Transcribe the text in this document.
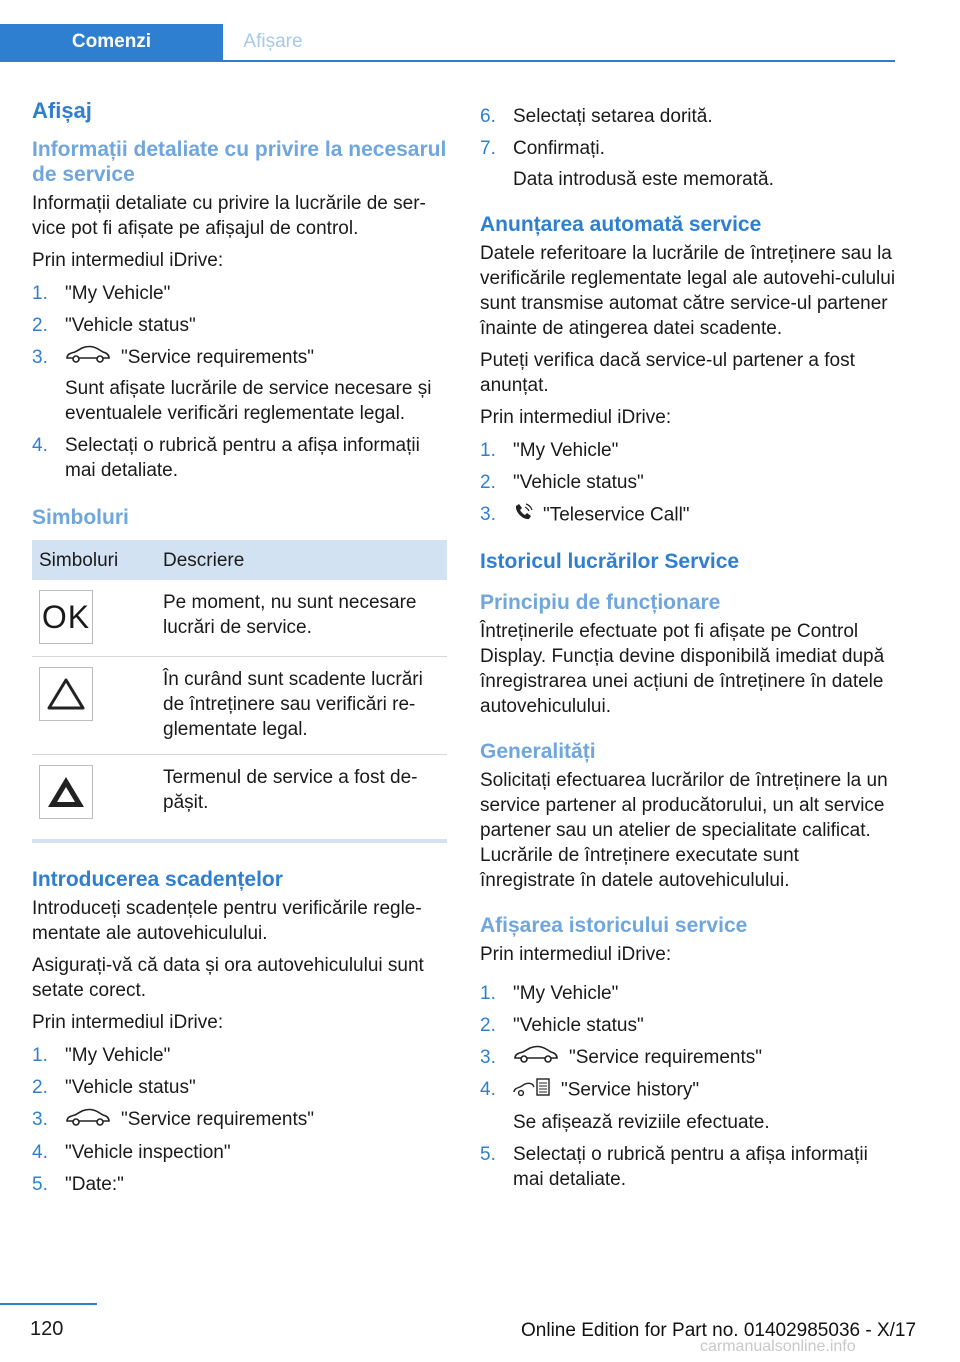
Comenzi	Afișare
Afișaj
Informații detaliate cu privire la necesarul de service

Informații detaliate cu privire la lucrările de ser‐vice pot fi afișate pe afișajul de control.

Prin intermediul iDrive:

1. "My Vehicle"
2. "Vehicle status"
3.	"Service requirements"
Sunt afișate lucrările de service necesare și eventualele verificări reglementate legal.
4. Selectați o rubrică pentru a afișa informații mai detaliate.
Simboluri
Simboluri	Descriere

OK	Pe moment, nu sunt necesare lucrări de service.

	În curând sunt scadente lucrări de întreținere sau verificări re‐glementate legal.

	Termenul de service a fost de‐pășit.
Introducerea scadențelor

Introduceți scadențele pentru verificările regle‐mentate ale autovehiculului.

Asigurați-vă că data și ora autovehiculului sunt setate corect.

Prin intermediul iDrive:

1. "My Vehicle"
2. "Vehicle status"
3.	"Service requirements"
4. "Vehicle inspection"
5. "Date:"
6. Selectați setarea dorită.
7. Confirmați.
Data introdusă este memorată.
Anunțarea automată service

Datele referitoare la lucrările de întreținere sau la verificările reglementate legal ale autovehi‐culului sunt transmise automat către service-ul partener înainte de atingerea datei scadente.

Puteți verifica dacă service-ul partener a fost anunțat.

Prin intermediul iDrive:

1. "My Vehicle"
2. "Vehicle status"
3. "Teleservice Call"
Istoricul lucrărilor Service
Principiu de funcționare

Întreținerile efectuate pot fi afișate pe Control Display. Funcția devine disponibilă imediat după înregistrarea unei acțiuni de întreținere în datele autovehiculului.

Generalități

Solicitați efectuarea lucrărilor de întreținere la un service partener al producătorului, un alt service partener sau un atelier de specialitate calificat. Lucrările de întreținere executate sunt înregistrate în datele autovehiculului.

Afișarea istoricului service

Prin intermediul iDrive:

1. "My Vehicle"
2. "Vehicle status"
3.	"Service requirements"
4.	"Service history"
Se afișează reviziile efectuate.
5. Selectați o rubrică pentru a afișa informații mai detaliate.
120	Online Edition for Part no. 01402985036 - X/17
carmanualsonline.info
